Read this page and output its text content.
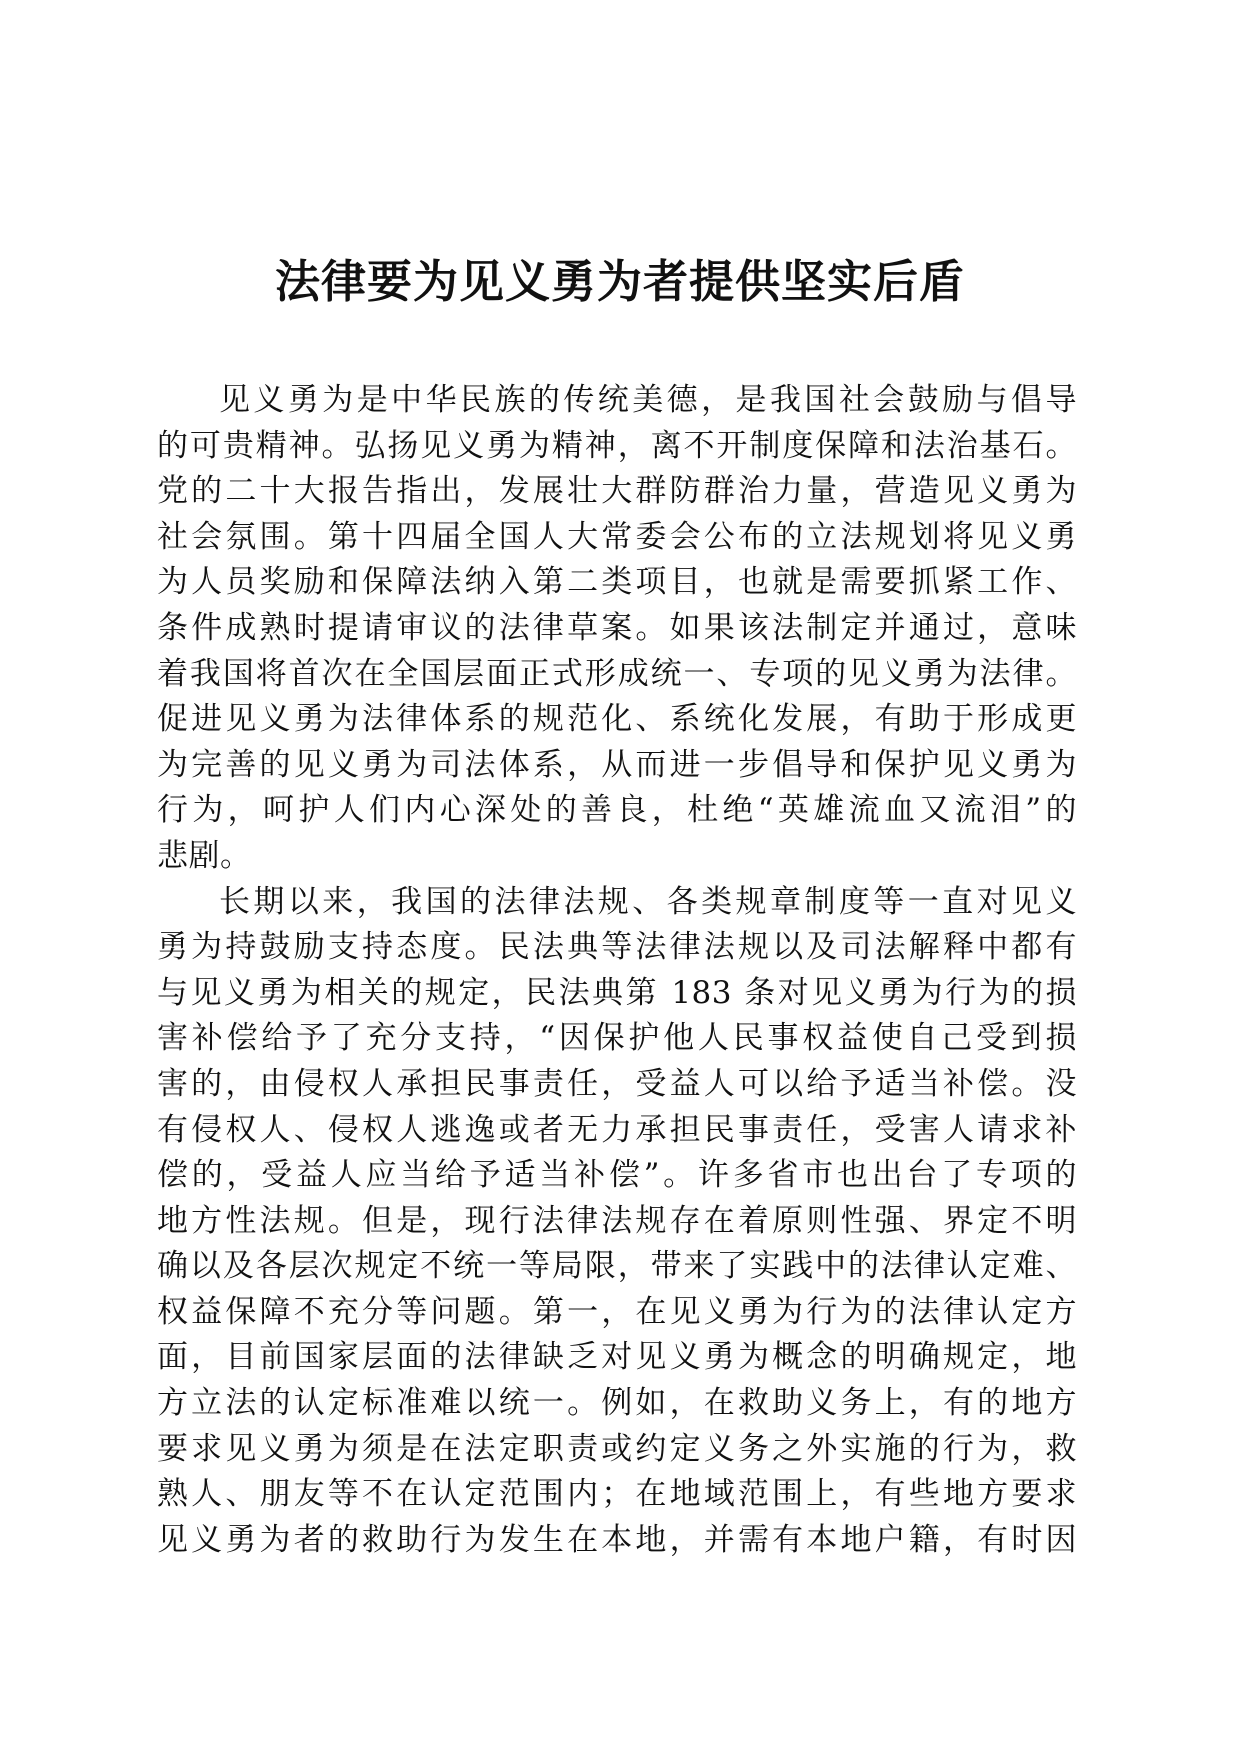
法律要为见义勇为者提供坚实后盾
见义勇为是中华民族的传统美德，是我国社会鼓励与倡导
的可贵精神。弘扬见义勇为精神，离不开制度保障和法治基石。
党的二十大报告指出，发展壮大群防群治力量，营造见义勇为
社会氛围。第十四届全国人大常委会公布的立法规划将见义勇
为人员奖励和保障法纳入第二类项目，也就是需要抓紧工作、
条件成熟时提请审议的法律草案。如果该法制定并通过，意味
着我国将首次在全国层面正式形成统一、专项的见义勇为法律。
促进见义勇为法律体系的规范化、系统化发展，有助于形成更
为完善的见义勇为司法体系，从而进一步倡导和保护见义勇为
行为，呵护人们内心深处的善良，杜绝“英雄流血又流泪”的
悲剧。
长期以来，我国的法律法规、各类规章制度等一直对见义
勇为持鼓励支持态度。民法典等法律法规以及司法解释中都有
与见义勇为相关的规定，民法典第 183 条对见义勇为行为的损
害补偿给予了充分支持，“因保护他人民事权益使自己受到损
害的，由侵权人承担民事责任，受益人可以给予适当补偿。没
有侵权人、侵权人逃逸或者无力承担民事责任，受害人请求补
偿的，受益人应当给予适当补偿”。许多省市也出台了专项的
地方性法规。但是，现行法律法规存在着原则性强、界定不明
确以及各层次规定不统一等局限，带来了实践中的法律认定难、
权益保障不充分等问题。第一，在见义勇为行为的法律认定方
面，目前国家层面的法律缺乏对见义勇为概念的明确规定，地
方立法的认定标准难以统一。例如，在救助义务上，有的地方
要求见义勇为须是在法定职责或约定义务之外实施的行为，救
熟人、朋友等不在认定范围内；在地域范围上，有些地方要求
见义勇为者的救助行为发生在本地，并需有本地户籍，有时因
